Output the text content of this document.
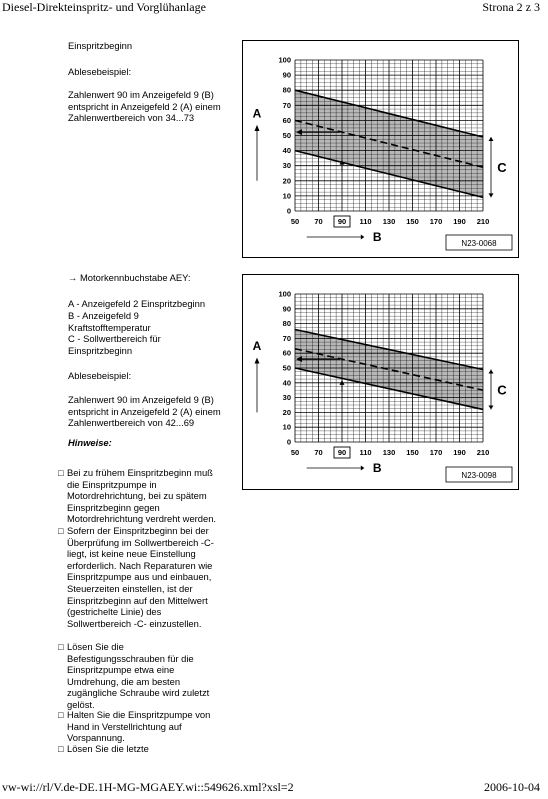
Diesel-Direkteinspritz- und Vorglühanlage	Strona 2 z 3
Einspritzbeginn
Ablesebeispiel:
Zahlenwert 90 im Anzeigefeld 9 (B)
entspricht in Anzeigefeld 2 (A) einem
Zahlenwertbereich von 34...73
50 70 90 110 130 150 170 190 210
0
10
20
30
40
50
60
70
80
90
100
A
B
C
N23-0068
→ Motorkennbuchstabe AEY:
A - Anzeigefeld 2 Einspritzbeginn
B - Anzeigefeld 9
Kraftstofftemperatur
C - Sollwertbereich für
Einspritzbeginn
Ablesebeispiel:
Zahlenwert 90 im Anzeigefeld 9 (B)
entspricht in Anzeigefeld 2 (A) einem
Zahlenwertbereich von 42...69
Hinweise:
50 70 90 110 130 150 170 190 210
0
10
20
30
40
50
60
70
80
90
100
A
B
C
N23-0098
□ Bei zu frühem Einspritzbeginn muß
die Einspritzpumpe in
Motordrehrichtung, bei zu spätem
Einspritzbeginn gegen
Motordrehrichtung verdreht werden.
□ Sofern der Einspritzbeginn bei der
Überprüfung im Sollwertbereich -C-
liegt, ist keine neue Einstellung
erforderlich. Nach Reparaturen wie
Einspritzpumpe aus und einbauen,
Steuerzeiten einstellen, ist der
Einspritzbeginn auf den Mittelwert
(gestrichelte Linie) des
Sollwertbereich -C- einzustellen.
□ Lösen Sie die
Befestigungsschrauben für die
Einspritzpumpe etwa eine
Umdrehung, die am besten
zugängliche Schraube wird zuletzt
gelöst.
□ Halten Sie die Einspritzpumpe von
Hand in Verstellrichtung auf
Vorspannung.
□ Lösen Sie die letzte
vw-wi://rl/V.de-DE.1H-MG-MGAEY.wi::549626.xml?xsl=2	2006-10-04
